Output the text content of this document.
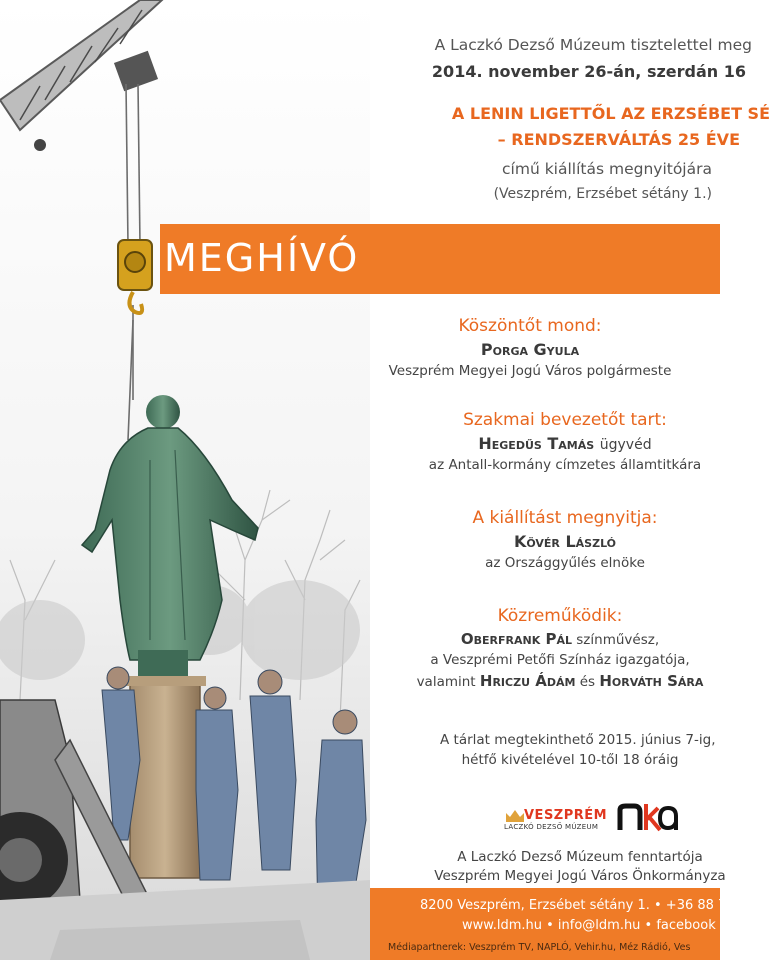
A Laczkó Dezső Múzeum tisztelettel meg
2014. november 26-án, szerdán 16
A LENIN LIGETTŐL AZ ERZSÉBET SÉ
– RENDSZERVÁLTÁS 25 ÉVE
című kiállítás megnyitójára
(Veszprém, Erzsébet sétány 1.)
MEGHÍVÓ
Köszöntőt mond:
Porga Gyula
Veszprém Megyei Jogú Város polgármeste
Szakmai bevezetőt tart:
Hegedűs Tamás ügyvéd
az Antall-kormány címzetes államtitkára
A kiállítást megnyitja:
Kövér László
az Országgyűlés elnöke
Közreműködik:
Oberfrank Pál színművész,
a Veszprémi Petőfi Színház igazgatója,
valamint Hriczu Ádám és Horváth Sára
A tárlat megtekinthető 2015. június 7-ig,
hétfő kivételével 10-től 18 óráig
VESZPRÉM
LACZKÓ DEZSŐ MÚZEUM
A Laczkó Dezső Múzeum fenntartója
Veszprém Megyei Jogú Város Önkormányza
8200 Veszprém, Erzsébet sétány 1. • +36 88 78
www.ldm.hu • info@ldm.hu • facebook
Médiapartnerek: Veszprém TV, NAPLÓ, Vehir.hu, Méz Rádió, Ves
